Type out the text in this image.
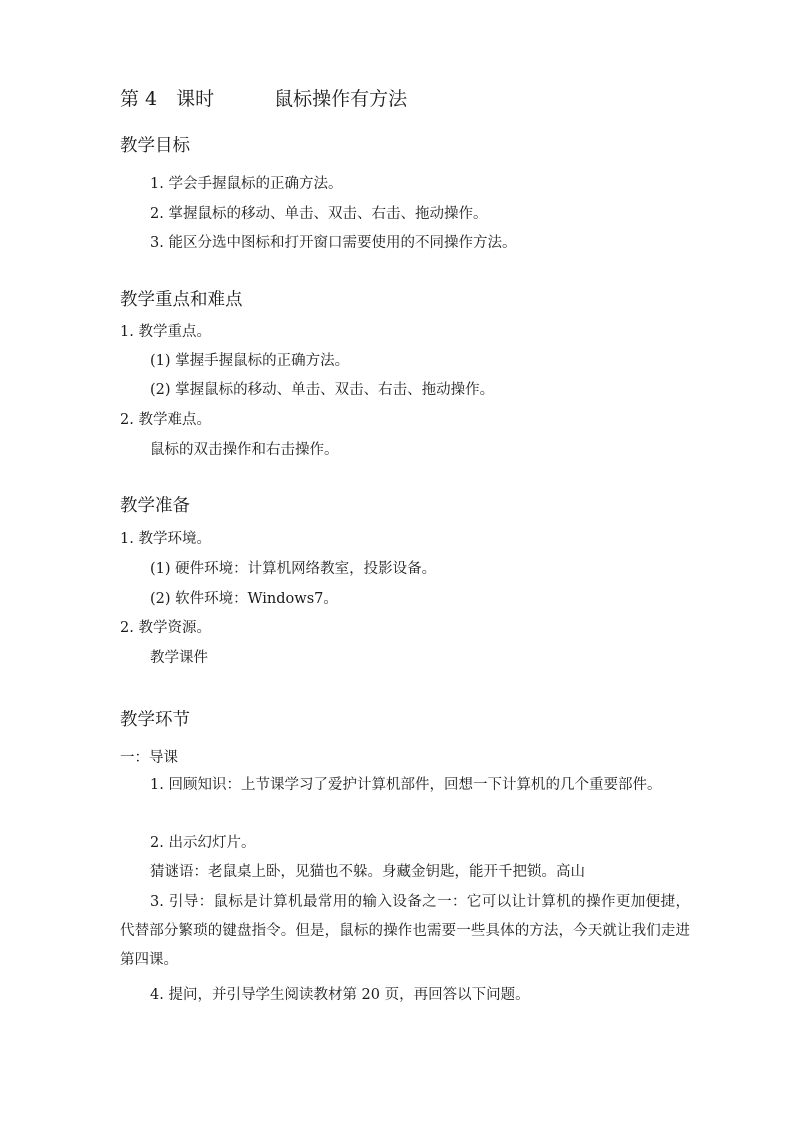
第 4　课时	鼠标操作有方法
教学目标
1. 学会手握鼠标的正确方法。
2. 掌握鼠标的移动、单击、双击、右击、拖动操作。
3. 能区分选中图标和打开窗口需要使用的不同操作方法。
教学重点和难点
1. 教学重点。
(1) 掌握手握鼠标的正确方法。
(2) 掌握鼠标的移动、单击、双击、右击、拖动操作。
2. 教学难点。
鼠标的双击操作和右击操作。
教学准备
1. 教学环境。
(1) 硬件环境：计算机网络教室，投影设备。
(2) 软件环境：Windows7。
2. 教学资源。
教学课件
教学环节
一：导课
1. 回顾知识：上节课学习了爱护计算机部件，回想一下计算机的几个重要部件。
2. 出示幻灯片。
猜谜语：老鼠桌上卧，见猫也不躲。身藏金钥匙，能开千把锁。高山
3. 引导：鼠标是计算机最常用的输入设备之一：它可以让计算机的操作更加便捷，代替部分繁琐的键盘指令。但是，鼠标的操作也需要一些具体的方法，今天就让我们走进第四课。
4. 提问，并引导学生阅读教材第 20 页，再回答以下问题。
